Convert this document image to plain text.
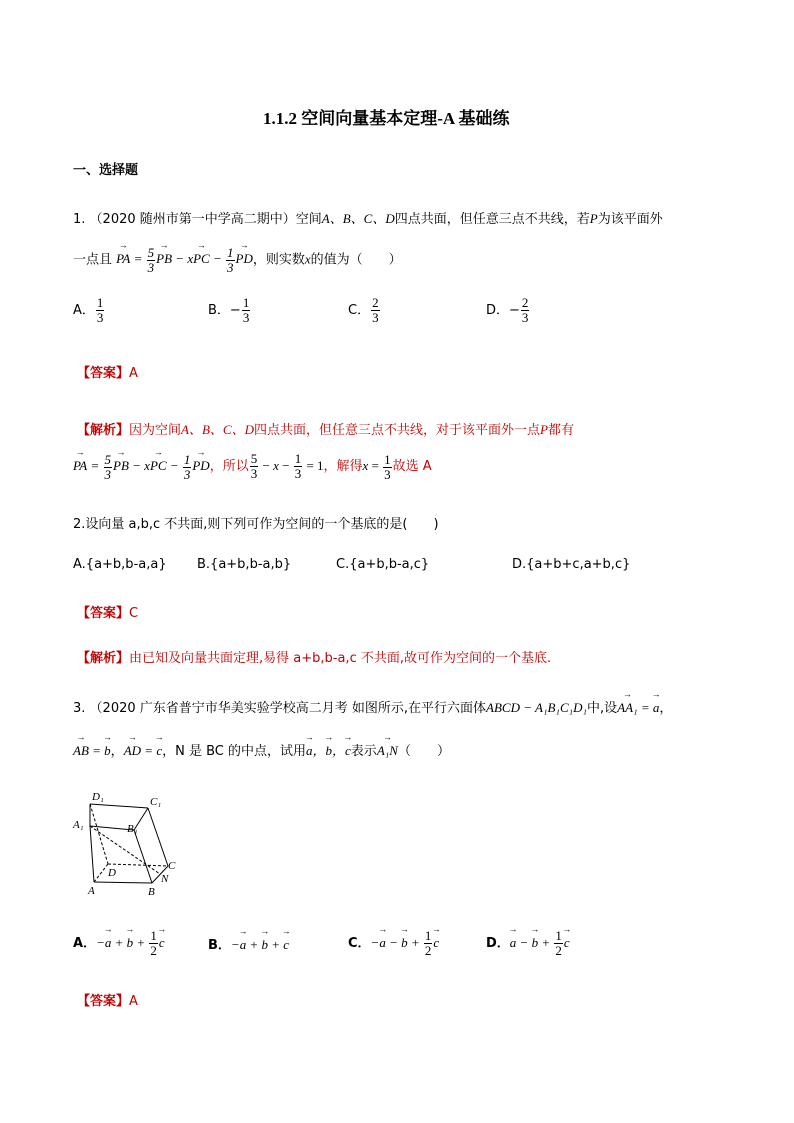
1.1.2 空间向量基本定理-A 基础练
一、选择题
1. （2020 随州市第一中学高二期中）空间A、B、C、D四点共面，但任意三点不共线，若P为该平面外
一点且 → PA = $\frac{5}{3}$
→ PB − x→ PC − $\frac{1}{3}$
→ PD，则实数x的值为（　　）
A． $\frac{1}{3}$	B．− $\frac{1}{3}$	C． $\frac{2}{3}$	D．− $\frac{2}{3}$
【答案】A
【解析】因为空间A、B、C、D四点共面，但任意三点不共线，对于该平面外一点P都有
→ PA = $\frac{5}{3}$
→ PB − x→ PC − $\frac{1}{3}$
→ PD，所以 $\frac{5}{3} - x - \frac{1}{3} = 1$，解得$x = \frac{1}{3}$ 故选 A
2.设向量 a,b,c 不共面,则下列可作为空间的一个基底的是(　　)
A.{a+b,b-a,a} B.{a+b,b-a,b}	C.{a+b,b-a,c}	D.{a+b+c,a+b,c}
【答案】C
【解析】由已知及向量共面定理,易得 a+b,b-a,c 不共面,故可作为空间的一个基底.
3. （2020 广东省普宁市华美实验学校高二月考 如图所示,在平行六面体ABCD − A₁B₁C₁D₁中,设→ AA₁ = → a，
→ AB = → b，→ AD = → c，N 是 BC 的中点，试用→ a，→ b，→ c表示→ A₁N（　　）
D₁	C₁
A₁	B₁
D
C
A	B
N
A．−→ a + → $b + \frac{1}{2}$
→ c	B．−→ a + → b + → c	C．−→ a − → $b + \frac{1}{2}$
→ c	D．→ a − → $b + \frac{1}{2}$
→ c
【答案】A
